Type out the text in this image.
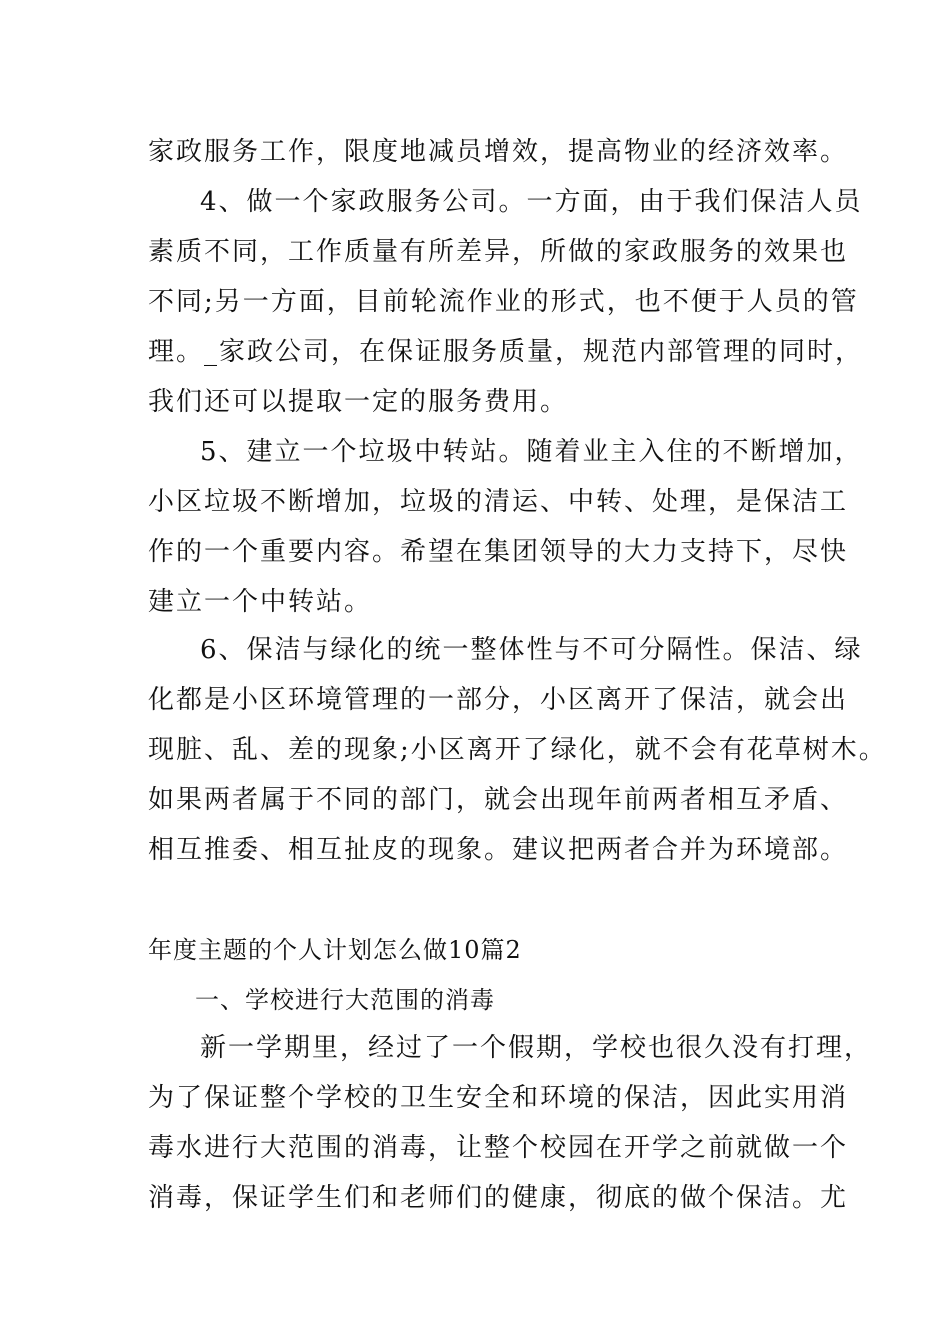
家政服务工作，限度地减员增效，提高物业的经济效率。
4、做一个家政服务公司。一方面，由于我们保洁人员
素质不同，工作质量有所差异，所做的家政服务的效果也
不同;另一方面，目前轮流作业的形式，也不便于人员的管
理。_家政公司，在保证服务质量，规范内部管理的同时，
我们还可以提取一定的服务费用。
5、建立一个垃圾中转站。随着业主入住的不断增加，
小区垃圾不断增加，垃圾的清运、中转、处理，是保洁工
作的一个重要内容。希望在集团领导的大力支持下，尽快
建立一个中转站。
6、保洁与绿化的统一整体性与不可分隔性。保洁、绿
化都是小区环境管理的一部分，小区离开了保洁，就会出
现脏、乱、差的现象;小区离开了绿化，就不会有花草树木。
如果两者属于不同的部门，就会出现年前两者相互矛盾、
相互推委、相互扯皮的现象。建议把两者合并为环境部。
年度主题的个人计划怎么做10篇2
一、学校进行大范围的消毒
新一学期里，经过了一个假期，学校也很久没有打理，
为了保证整个学校的卫生安全和环境的保洁，因此实用消
毒水进行大范围的消毒，让整个校园在开学之前就做一个
消毒，保证学生们和老师们的健康，彻底的做个保洁。尤
